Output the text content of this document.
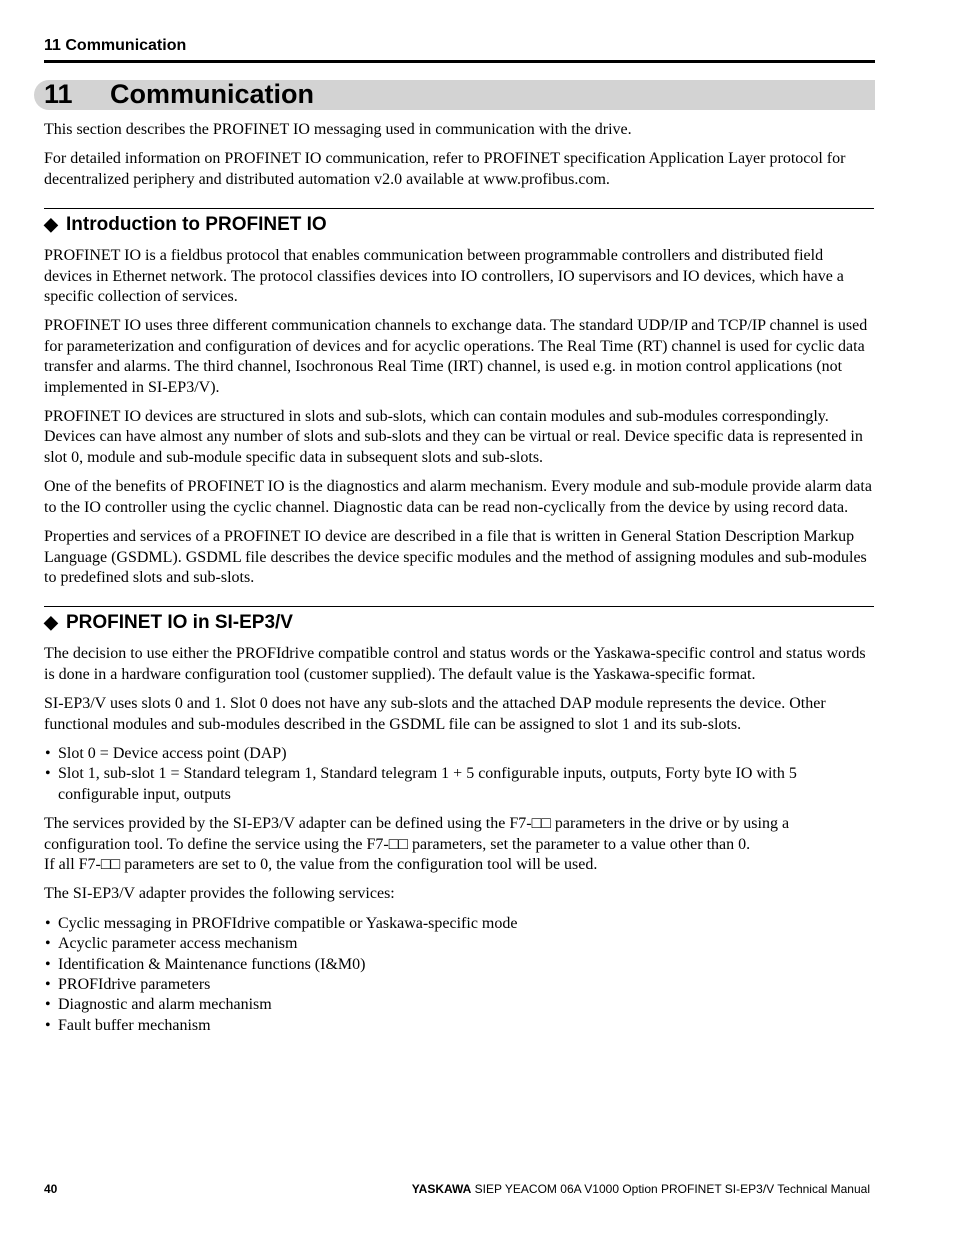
11 Communication
11 Communication

This section describes the PROFINET IO messaging used in communication with the drive.

For detailed information on PROFINET IO communication, refer to PROFINET specification Application Layer protocol for decentralized periphery and distributed automation v2.0 available at www.profibus.com.

◆ Introduction to PROFINET IO

PROFINET IO is a fieldbus protocol that enables communication between programmable controllers and distributed field devices in Ethernet network. The protocol classifies devices into IO controllers, IO supervisors and IO devices, which have a specific collection of services.

PROFINET IO uses three different communication channels to exchange data. The standard UDP/IP and TCP/IP channel is used for parameterization and configuration of devices and for acyclic operations. The Real Time (RT) channel is used for cyclic data transfer and alarms. The third channel, Isochronous Real Time (IRT) channel, is used e.g. in motion control applications (not implemented in SI-EP3/V).

PROFINET IO devices are structured in slots and sub-slots, which can contain modules and sub-modules correspondingly. Devices can have almost any number of slots and sub-slots and they can be virtual or real. Device specific data is represented in slot 0, module and sub-module specific data in subsequent slots and sub-slots.

One of the benefits of PROFINET IO is the diagnostics and alarm mechanism. Every module and sub-module provide alarm data to the IO controller using the cyclic channel. Diagnostic data can be read non-cyclically from the device by using record data.

Properties and services of a PROFINET IO device are described in a file that is written in General Station Description Markup Language (GSDML). GSDML file describes the device specific modules and the method of assigning modules and sub-modules to predefined slots and sub-slots.

◆ PROFINET IO in SI-EP3/V

The decision to use either the PROFIdrive compatible control and status words or the Yaskawa-specific control and status words is done in a hardware configuration tool (customer supplied). The default value is the Yaskawa-specific format.

SI-EP3/V uses slots 0 and 1. Slot 0 does not have any sub-slots and the attached DAP module represents the device. Other functional modules and sub-modules described in the GSDML file can be assigned to slot 1 and its sub-slots.

• Slot 0 = Device access point (DAP)
• Slot 1, sub-slot 1 = Standard telegram 1, Standard telegram 1 + 5 configurable inputs, outputs, Forty byte IO with 5 configurable input, outputs

The services provided by the SI-EP3/V adapter can be defined using the F7-□□ parameters in the drive or by using a configuration tool. To define the service using the F7-□□ parameters, set the parameter to a value other than 0.
If all F7-□□ parameters are set to 0, the value from the configuration tool will be used.

The SI-EP3/V adapter provides the following services:

• Cyclic messaging in PROFIdrive compatible or Yaskawa-specific mode
• Acyclic parameter access mechanism
• Identification & Maintenance functions (I&M0)
• PROFIdrive parameters
• Diagnostic and alarm mechanism
• Fault buffer mechanism
40	YASKAWA SIEP YEACOM 06A V1000 Option PROFINET SI-EP3/V Technical Manual
